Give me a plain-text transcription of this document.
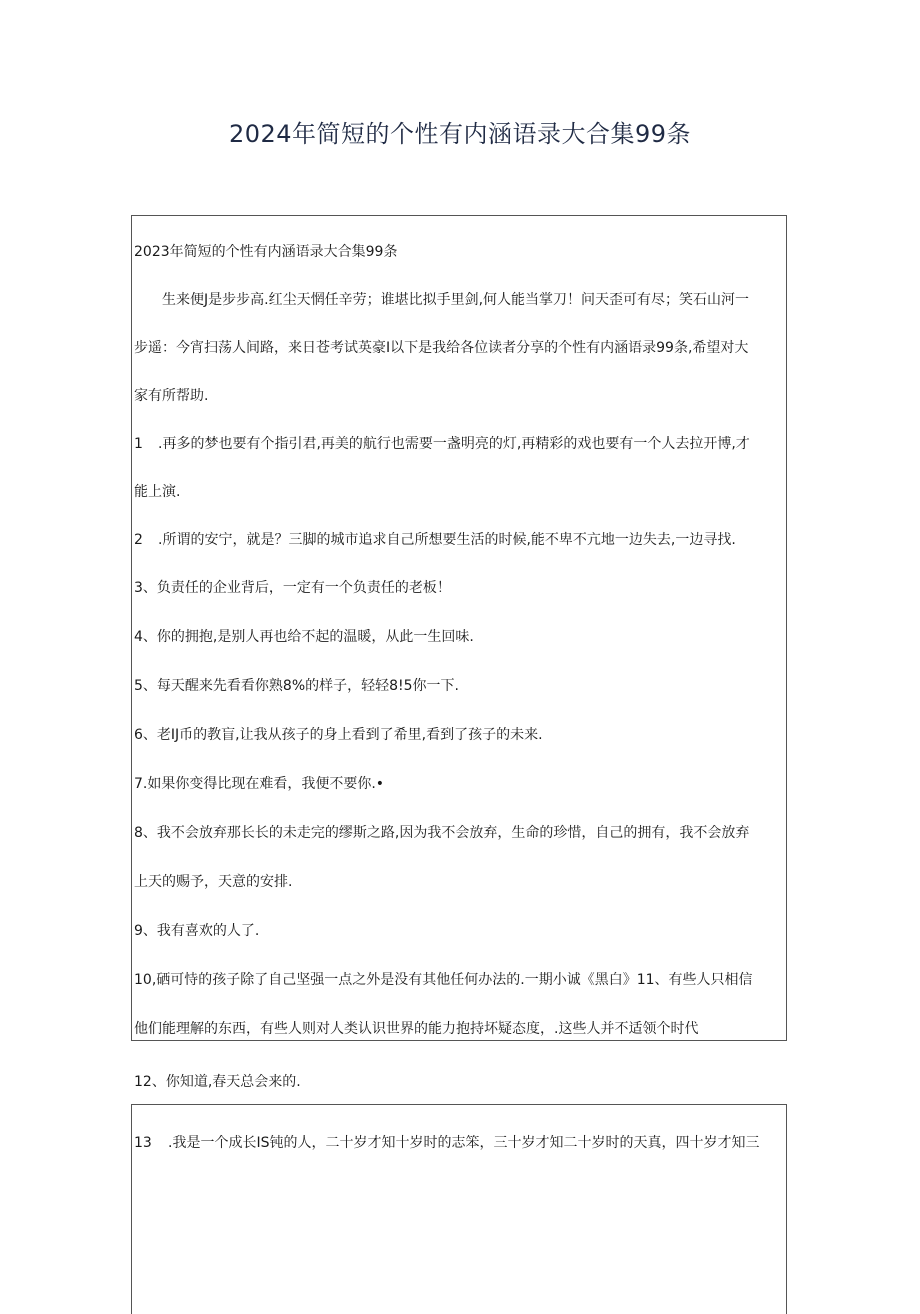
2024年简短的个性有内涵语录大合集99条
2023年简短的个性有内涵语录大合集99条
生来便J是步步高.红尘天惘任辛劳；谁堪比拟手里剑,何人能当掌刀！问天歪可有尽；笑石山河一
步遥：今宵扫荡人间路，来日苍考试英豪I以下是我给各位读者分享的个性有内涵语录99条,希望对大
家有所帮助.
1 .再多的梦也要有个指引君,再美的航行也需要一盏明亮的灯,再精彩的戏也要有一个人去拉开博,才
能上演.
2 .所谓的安宁，就是？三脚的城市追求自己所想要生活的时候,能不卑不亢地一边失去,一边寻找.
3、负责任的企业背后，一定有一个负责任的老板！
4、你的拥抱,是别人再也给不起的温暖，从此一生回味.
5、每天醒来先看看你熟8%的样子，轻轻8!5你一下.
6、老IJ币的教盲,让我从孩子的身上看到了希里,看到了孩子的未来.
7.如果你变得比现在难看，我便不要你.•
8、我不会放弃那长长的未走完的缪斯之路,因为我不会放弃，生命的珍惜，自己的拥有，我不会放弃
上天的赐予，天意的安排.
9、我有喜欢的人了.
10,硒可恃的孩子除了自己坚强一点之外是没有其他任何办法的.一期小诚《黑白》11、有些人只相信
他们能理解的东西，有些人则对人类认识世界的能力抱持坏疑态度，.这些人并不适领个时代
12、你知道,春天总会来的.
13 .我是一个成长IS钝的人，二十岁才知十岁时的志笨，三十岁才知二十岁时的天真，四十岁才知三
